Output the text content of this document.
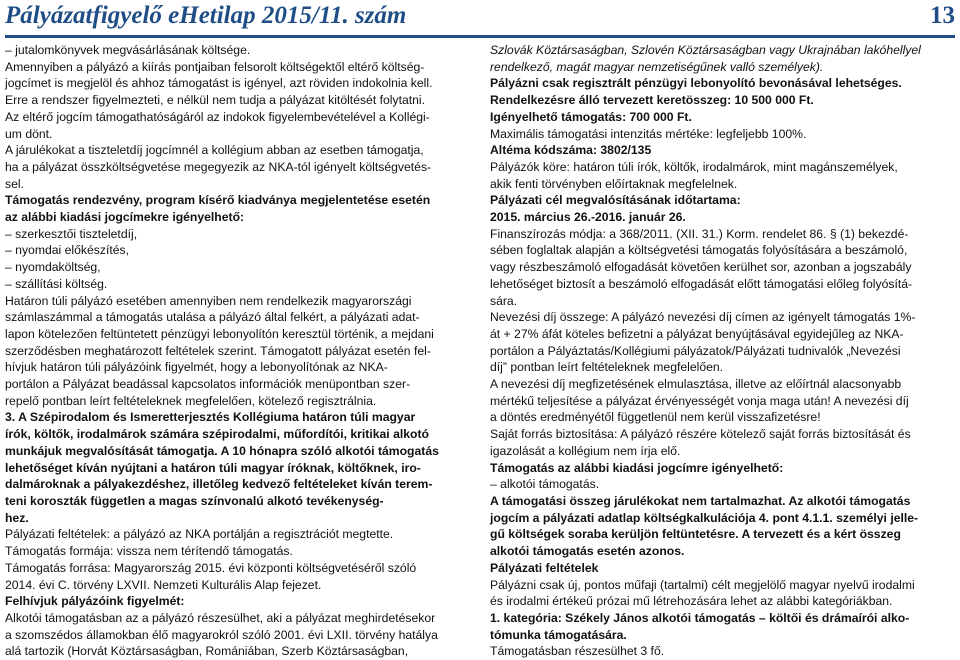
Pályázatfigyelő eHetilap 2015/11. szám	13
– jutalomkönyvek megvásárlásának költsége.
Amennyiben a pályázó a kiírás pontjaiban felsorolt költségektől eltérő költség-
jogcímet is megjelöl és ahhoz támogatást is igényel, azt röviden indokolnia kell.
Erre a rendszer figyelmezteti, e nélkül nem tudja a pályázat kitöltését folytatni.
Az eltérő jogcím támogathatóságáról az indokok figyelembevételével a Kollégi-
um dönt.
A járulékokat a tiszteletdíj jogcímnél a kollégium abban az esetben támogatja,
ha a pályázat összköltségvetése megegyezik az NKA-tól igényelt költségvetés-
sel.
Támogatás rendezvény, program kísérő kiadványa megjelentetése esetén
az alábbi kiadási jogcímekre igényelhető:
– szerkesztői tiszteletdíj,
– nyomdai előkészítés,
– nyomdaköltség,
– szállítási költség.
Határon túli pályázó esetében amennyiben nem rendelkezik magyarországi
számlaszámmal a támogatás utalása a pályázó által felkért, a pályázati adat-
lapon kötelezően feltüntetett pénzügyi lebonyolítón keresztül történik, a mejdani
szerződésben meghatározott feltételek szerint. Támogatott pályázat esetén fel-
hívjuk határon túli pályázóink figyelmét, hogy a lebonyolítónak az NKA-
portálon a Pályázat beadással kapcsolatos információk menüpontban szer-
repelő pontban leírt feltételeknek megfelelően, kötelező regisztrálnia.
3. A Szépirodalom és Ismeretterjesztés Kollégiuma határon túli magyar
írók, költők, irodalmárok számára szépirodalmi, műfordítói, kritikai alkotó
munkájuk megvalósítását támogatja. A 10 hónapra szóló alkotói támogatás
lehetőséget kíván nyújtani a határon túli magyar íróknak, költőknek, iro-
dalmároknak a pályakezdéshez, illetőleg kedvező feltételeket kíván terem-
teni koroszták független a magas színvonalú alkotó tevékenység-
hez.
Pályázati feltételek: a pályázó az NKA portálján a regisztrációt megtette.
Támogatás formája: vissza nem térítendő támogatás.
Támogatás forrása: Magyarország 2015. évi központi költségvetéséről szóló
2014. évi C. törvény LXVII. Nemzeti Kulturális Alap fejezet.
Felhívjuk pályázóink figyelmét:
Alkotói támogatásban az a pályázó részesülhet, aki a pályázat meghirdetésekor
a szomszédos államokban élő magyarokról szóló 2001. évi LXII. törvény hatálya
alá tartozik (Horvát Köztársaságban, Romániában, Szerb Köztársaságban,
Szlovák Köztársaságban, Szlovén Köztársaságban vagy Ukrajnában lakóhellyel
rendelkező, magát magyar nemzetiségűnek valló személyek).
Pályázni csak regisztrált pénzügyi lebonyolító bevonásával lehetséges.
Rendelkezésre álló tervezett keretösszeg: 10 500 000 Ft.
Igényelhető támogatás: 700 000 Ft.
Maximális támogatási intenzitás mértéke: legfeljebb 100%.
Altéma kódszáma: 3802/135
Pályázók köre: határon túli írók, költők, irodalmárok, mint magánszemélyek,
akik fenti törvényben előírtaknak megfelelnek.
Pályázati cél megvalósításának időtartama:
2015. március 26.-2016. január 26.
Finanszírozás módja: a 368/2011. (XII. 31.) Korm. rendelet 86. § (1) bekezdé-
sében foglaltak alapján a költségvetési támogatás folyósítására a beszámoló,
vagy részbeszámoló elfogadását követően kerülhet sor, azonban a jogszabály
lehetőséget biztosít a beszámoló elfogadását előtt támogatási előleg folyósítá-
sára.
Nevezési díj összege: A pályázó nevezési díj címen az igényelt támogatás 1%-
át + 27% áfát köteles befizetni a pályázat benyújtásával egyidejűleg az NKA-
portálon a Pályáztatás/Kollégiumi pályázatok/Pályázati tudnivalók „Nevezési
díj” pontban leírt feltételeknek megfelelően.
A nevezési díj megfizetésének elmulasztása, illetve az előírtnál alacsonyabb
mértékű teljesítése a pályázat érvényességét vonja maga után! A nevezési díj
a döntés eredményétől függetlenül nem kerül visszafizetésre!
Saját forrás biztosítása: A pályázó részére kötelező saját forrás biztosítását és
igazolását a kollégium nem írja elő.
Támogatás az alábbi kiadási jogcímre igényelhető:
– alkotói támogatás.
A támogatási összeg járulékokat nem tartalmazhat. Az alkotói támogatás
jogcím a pályázati adatlap költségkalkulációja 4. pont 4.1.1. személyi jelle-
gű költségek soraba kerüljön feltüntetésre. A tervezett és a kért összeg
alkotói támogatás esetén azonos.
Pályázati feltételek
Pályázni csak új, pontos műfaji (tartalmi) célt megjelölő magyar nyelvű irodalmi
és irodalmi értékeű prózai mű létrehozására lehet az alábbi kategóriákban.
1. kategória: Székely János alkotói támogatás – költői és drámaírói alko-
tómunka támogatására.
Támogatásban részesülhet 3 fő.
